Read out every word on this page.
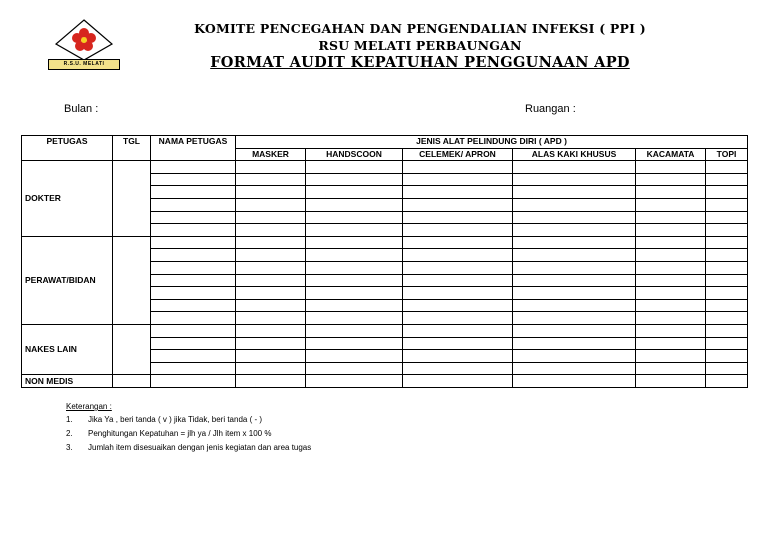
R.S.U. MELATI
KOMITE PENCEGAHAN DAN PENGENDALIAN INFEKSI ( PPI )
RSU MELATI PERBAUNGAN
FORMAT AUDIT KEPATUHAN PENGGUNAAN APD
Bulan :	Ruangan :
PETUGAS	TGL	NAMA PETUGAS	JENIS ALAT PELINDUNG DIRI ( APD )					
			MASKER	HANDSCOON	CELEMEK/ APRON	ALAS KAKI KHUSUS	KACAMATA	TOPI
DOKTER								

PERAWAT/BIDAN								

NAKES LAIN								

NON MEDIS								
Keterangan :
1. Jika Ya , beri tanda ( v ) jika Tidak, beri tanda ( - )
2. Penghitungan Kepatuhan = jlh ya / Jlh item x 100 %
3. Jumlah item disesuaikan dengan jenis kegiatan dan area tugas
